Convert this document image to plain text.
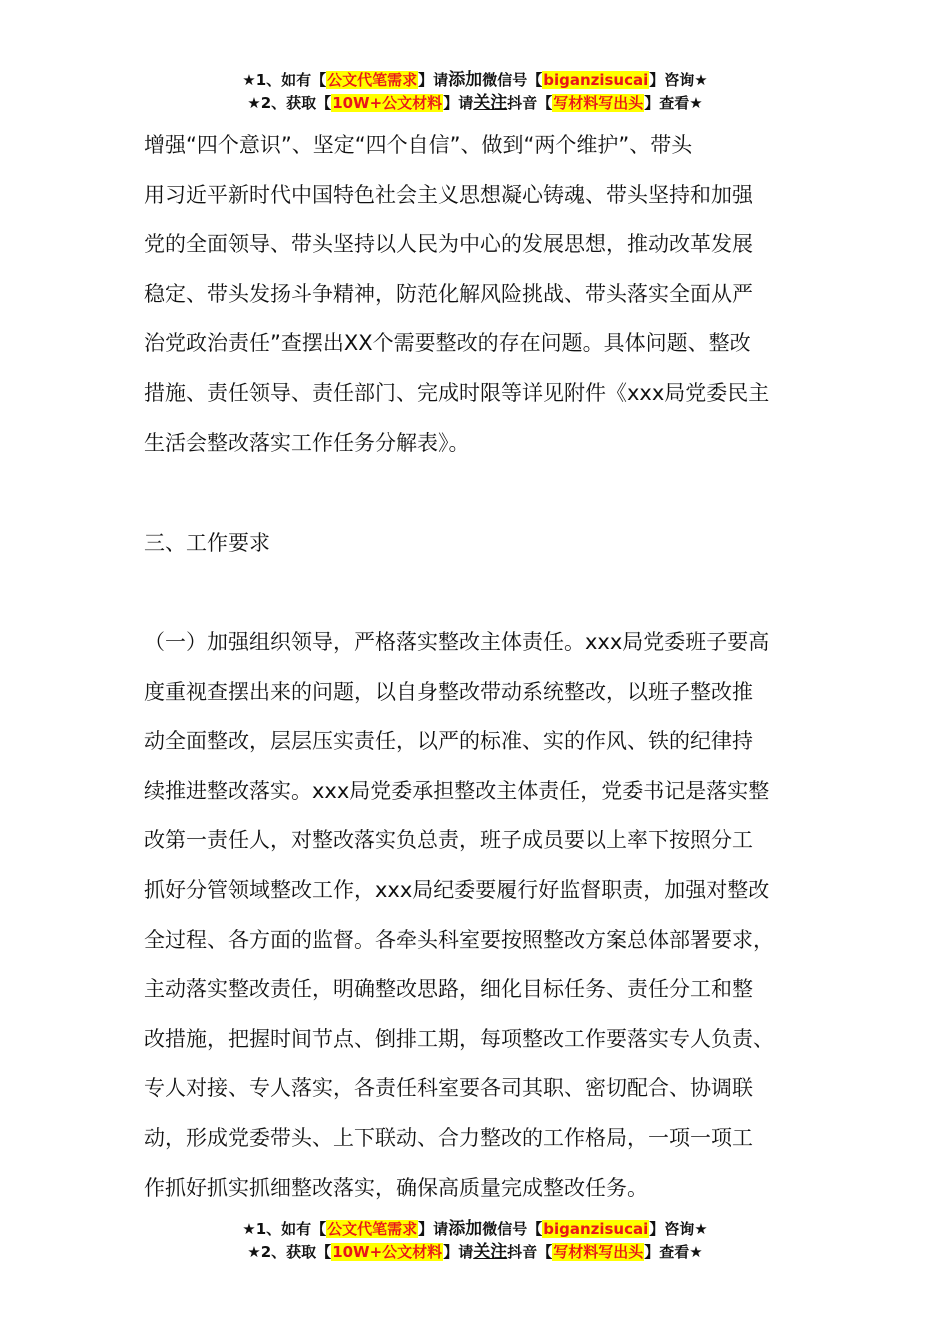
★1、如有【公文代笔需求】请添加微信号【biganzisucai】咨询★
★2、获取【10W+公文材料】请关注抖音【写材料写出头】查看★
增强“四个意识”、坚定“四个自信”、做到“两个维护”、带头
用习近平新时代中国特色社会主义思想凝心铸魂、带头坚持和加强
党的全面领导、带头坚持以人民为中心的发展思想，推动改革发展
稳定、带头发扬斗争精神，防范化解风险挑战、带头落实全面从严
治党政治责任”查摆出XX个需要整改的存在问题。具体问题、整改
措施、责任领导、责任部门、完成时限等详见附件《xxx局党委民主
生活会整改落实工作任务分解表》。
三、工作要求
（一）加强组织领导，严格落实整改主体责任。xxx局党委班子要高
度重视查摆出来的问题，以自身整改带动系统整改，以班子整改推
动全面整改，层层压实责任，以严的标准、实的作风、铁的纪律持
续推进整改落实。xxx局党委承担整改主体责任，党委书记是落实整
改第一责任人，对整改落实负总责，班子成员要以上率下按照分工
抓好分管领域整改工作，xxx局纪委要履行好监督职责，加强对整改
全过程、各方面的监督。各牵头科室要按照整改方案总体部署要求，
主动落实整改责任，明确整改思路，细化目标任务、责任分工和整
改措施，把握时间节点、倒排工期，每项整改工作要落实专人负责、
专人对接、专人落实，各责任科室要各司其职、密切配合、协调联
动，形成党委带头、上下联动、合力整改的工作格局，一项一项工
作抓好抓实抓细整改落实，确保高质量完成整改任务。
★1、如有【公文代笔需求】请添加微信号【biganzisucai】咨询★
★2、获取【10W+公文材料】请关注抖音【写材料写出头】查看★
